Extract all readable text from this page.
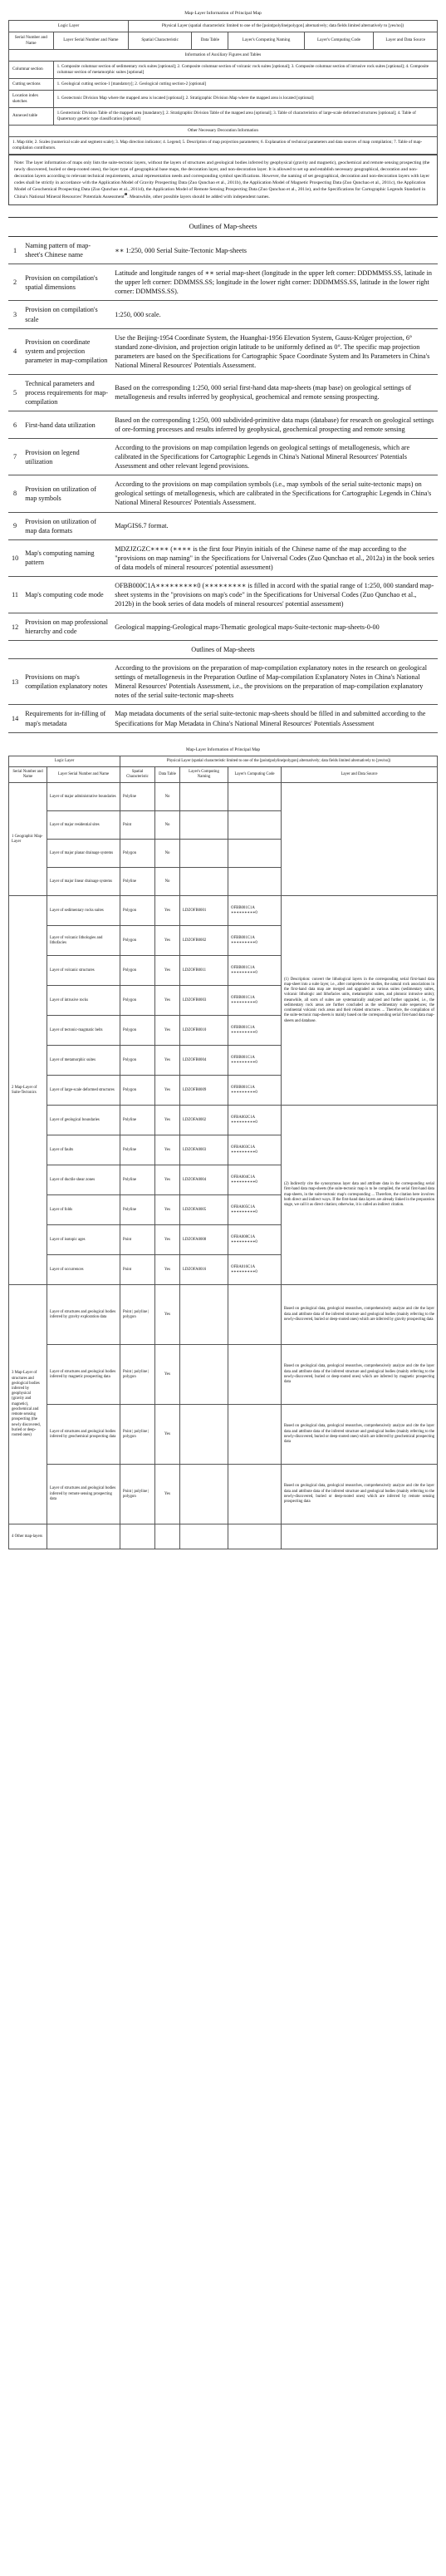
Map-Layer Information of Principal Map						
Logic Layer		Physical Layer (spatial characteristic limited to one of the [point|polyline|polygon] alternatively; data fields limited alternatively to [yes/no])				
Serial Number and Name	Layer Serial Number and Name	Spatial Characteristic	Data Table	Layer's Computing Naming	Layer's Computing Code	Layer and Data Source
Information of Auxiliary Figures and Tables						
Columnar section	1. Composite columnar section of sedimentary rock suites [optional]; 2. Composite columnar section of volcanic rock suites [optional]; 3. Composite columnar section of intrusive rock suites [optional]; 4. Composite columnar section of metamorphic suites [optional]					
Cutting sections	1. Geological cutting section-1 [mandatory]; 2. Geological cutting section-2 [optional]					
Location index sketches	1. Geotectonic Division Map where the mapped area is located [optional]; 2. Stratigraphic Division Map where the mapped area is located [optional]					
Annexed table	1.Geotectonic Division Table of the mapped area [mandatory]; 2. Stratigraphic Division Table of the mapped area [optional]; 3. Table of characteristics of large-scale deformed structures [optional]; 4. Table of Quaternary genetic type classification [optional]					
Other Necessary Decoration Information						
1. Map title; 2. Scales (numerical scale and segment scale); 3. Map direction indicator; 4. Legend; 5. Description of map projection parameters; 6. Explanation of technical parameters and data sources of map compilation; 7. Table of map-compilation contributors.						

Note: The layer information of maps only lists the suite-tectonic layers, without the layers of structures and geological bodies inferred by geophysical (gravity and magnetic), geochemical and remote sensing prospecting (the newly discovered, buried or deep-rooted ones), the layer type of geographical base maps, the decoration layer, and non-decoration layer. It is allowed to set up and establish necessary geographical, decoration and non-decoration layers according to relevant technical requirements, actual representation needs and corresponding symbol specifications. However, the naming of set geographical, decoration and non-decoration layers with layer codes shall be strictly in accordance with the Application Model of Gravity Prospecting Data (Zuo Qunchao et al., 2011b), the Application Model of Magnetic Prospecting Data (Zuo Qunchao et al., 2011c), the Application Model of Geochemical Prospecting Data (Zuo Qunchao et al., 2011d), the Application Model of Remote Sensing Prospecting Data (Zuo Qunchao et al., 2011e), and the Specifications for Cartographic Legends Standard in China's National Mineral Resources' Potentials Assessment$^❶$. Meanwhile, other possible layers should be added with independent names.

Outlines of Map-sheets		
1	Naming pattern of map-sheet's Chinese name	∗∗ 1:250, 000 Serial Suite-Tectonic Map-sheets
2	Provision on compilation's spatial dimensions	Latitude and longitude ranges of ∗∗ serial map-sheet (longitude in the upper left corner: DDDMMSS.SS, latitude in the upper left corner: DDMMSS.SS; longitude in the lower right corner: DDDMMSS.SS, latitude in the lower right corner: DDMMSS.SS).
3	Provision on compilation's scale	1:250, 000 scale.
4	Provision on coordinate system and projection parameter in map-compilation	Use the Beijing-1954 Coordinate System, the Huanghai-1956 Elevation System, Gauss-Krüger projection, 6° standard zone-division, and projection origin latitude to be uniformly defined as 0°. The specific map projection parameters are based on the Specifications for Cartographic Space Coordinate System and Its Parameters in China's National Mineral Resources' Potentials Assessment.
5	Technical parameters and process requirements for map-compilation	Based on the corresponding 1:250, 000 serial first-hand data map-sheets (map base) on geological settings of metallogenesis and results inferred by geophysical, geochemical and remote sensing prospecting.
6	First-hand data utilization	Based on the corresponding 1:250, 000 subdivided-primitive data maps (database) for research on geological settings of ore-forming processes and results inferred by geophysical, geochemical prospecting and remote sensing
7	Provision on legend utilization	According to the provisions on map compilation legends on geological settings of metallogenesis, which are calibrated in the Specifications for Cartographic Legends in China's National Mineral Resources' Potentials Assessment and other relevant legend provisions.
8	Provision on utilization of map symbols	According to the provisions on map compilation symbols (i.e., map symbols of the serial suite-tectonic maps) on geological settings of metallogenesis, which are calibrated in the Specifications for Cartographic Legends in China's National Mineral Resources' Potentials Assessment.
9	Provision on utilization of map data formats	MapGIS6.7 format.
10	Map's computing naming pattern	MDZJZGZC∗∗∗∗ (∗∗∗∗ is the first four Pinyin initials of the Chinese name of the map according to the "provisions on map naming" in the Specifications for Universal Codes (Zuo Qunchao et al., 2012a) in the book series of data models of mineral resources' potential assessment)
11	Map's computing code mode	OFBB000C1A∗∗∗∗∗∗∗∗∗0 (∗∗∗∗∗∗∗∗∗ is filled in accord with the spatial range of 1:250, 000 standard map-sheet systems in the "provisions on map's code" in the Specifications for Universal Codes (Zuo Qunchao et al., 2012b) in the book series of data models of mineral resources' potential assessment)
12	Provision on map professional hierarchy and code	Geological mapping-Geological maps-Thematic geological maps-Suite-tectonic map-sheets-0-00
Outlines of Map-sheets		
13	Provisions on map's compilation explanatory notes	According to the provisions on the preparation of map-compilation explanatory notes in the research on geological settings of metallogenesis in the Preparation Outline of Map-compilation Explanatory Notes in China's National Mineral Resources' Potentials Assessment, i.e., the provisions on the preparation of map-compilation explanatory notes of the serial suite-tectonic map-sheets
14	Requirements for in-filling of map's metadata	Map metadata documents of the serial suite-tectonic map-sheets should be filled in and submitted according to the Specifications for Map Metadata in China's National Mineral Resources' Potentials Assessment
Map-Layer Information of Principal Map						
Logic Layer		Physical Layer (spatial characteristic limited to one of the [point|polyline|polygon] alternatively; data fields limited alternatively to [yes/no])				
Serial Number and Name	Layer Serial Number and Name	Spatial Characteristic	Data Table	Layer's Computing Naming	Layer's Computing Code	Layer and Data Source
1 Geographic Map-Layer	Layer of major administrative boundaries	Polyline	No			
	Layer of major residential sites	Point	No			
	Layer of major planar drainage systems	Polygon	No			
	Layer of major linear drainage systems	Polyline	No			
2 Map-Layer of Suite-Tectonics	Layer of sedimentary rocks suites	Polygon	Yes	LDZOFB0001	OFBB001C1A ∗∗∗∗∗∗∗∗∗0	(1) Description: convert the lithological layers in the corresponding serial first-hand data map-sheet into a suite layer, i.e., after comprehensive studies, the natural rock associations in the first-hand data map are merged and upgraded as various suites (sedimentary suites, volcanic lithologic and lithofacies units, metamorphic suites, and plutonic intrusive units); meanwhile, all sorts of suites are systematically analyzed and further upgraded, i.e., the sedimentary rock areas are further concluded as the sedimentary suite sequences; the continental volcanic rock areas and their related structures ... Therefore, the compilation of the suite-tectonic map-sheets is mainly based on the corresponding serial first-hand data map-sheets and database.
	Layer of volcanic lithologies and lithofacies	Polygon	Yes	LDZOFB0002	OFBB001C1A ∗∗∗∗∗∗∗∗∗0	
	Layer of volcanic structures	Polygon	Yes	LDZOFB0011	OFBB001C1A ∗∗∗∗∗∗∗∗∗0	
	Layer of intrusive rocks	Polygon	Yes	LDZOFB0003	OFBB001C1A ∗∗∗∗∗∗∗∗∗0	
	Layer of tectonic-magmatic belts	Polygon	Yes	LDZOFB0010	OFBB001C1A ∗∗∗∗∗∗∗∗∗0	
	Layer of metamorphic suites	Polygon	Yes	LDZOFB0004	OFBB001C1A ∗∗∗∗∗∗∗∗∗0	
	Layer of large-scale deformed structures	Polygon	Yes	LDZOFB0009	OFBB001C1A ∗∗∗∗∗∗∗∗∗0	
	Layer of geological boundaries	Polyline	Yes	LDZOFA0002	OFBA002C1A ∗∗∗∗∗∗∗∗∗0	(2) Indirectly cite the synonymous layer data and attribute data in the corresponding serial first-hand data map-sheets (the suite-tectonic map is to be compiled, the serial first-hand data map-sheets, in the suite-tectonic map's corresponding ... Therefore, the citation here involves both direct and indirect ways. If the first-hand data layers are already linked in the preparation stage, we call it as direct citation; otherwise, it is called an indirect citation.
	Layer of faults	Polyline	Yes	LDZOFA0003	OFBA003C1A ∗∗∗∗∗∗∗∗∗0	
	Layer of ductile shear zones	Polyline	Yes	LDZOFA0004	OFBA004C1A ∗∗∗∗∗∗∗∗∗0	
	Layer of folds	Polyline	Yes	LDZOFA0005	OFBA005C1A ∗∗∗∗∗∗∗∗∗0	
	Layer of isotopic ages	Point	Yes	LDZOFA0008	OFBA008C1A ∗∗∗∗∗∗∗∗∗0	
	Layer of occurrences	Point	Yes	LDZOFA0016	OFBA016C1A ∗∗∗∗∗∗∗∗∗0	
3 Map-Layer of structures and geological bodies inferred by geophysical (gravity and magnetic), geochemical and remote sensing prospecting (the newly discovered, buried or deep-rooted ones)	Layer of structures and geological bodies inferred by gravity exploration data	Point | polyline | polygon	Yes			Based on geological data, geological researches, comprehensively analyze and cite the layer data and attribute data of the inferred structure and geological bodies (mainly referring to the newly-discovered, buried or deep-rooted ones) which are inferred by gravity prospecting data
	Layer of structures and geological bodies inferred by magnetic prospecting data	Point | polyline | polygon	Yes			Based on geological data, geological researches, comprehensively analyze and cite the layer data and attribute data of the inferred structure and geological bodies (mainly referring to the newly-discovered, buried or deep-rooted ones) which are inferred by magnetic prospecting data
	Layer of structures and geological bodies inferred by geochemical prospecting data	Point | polyline | polygon	Yes			Based on geological data, geological researches, comprehensively analyze and cite the layer data and attribute data of the inferred structure and geological bodies (mainly referring to the newly-discovered, buried or deep-rooted ones) which are inferred by geochemical prospecting data
	Layer of structures and geological bodies inferred by remote sensing prospecting data	Point | polyline | polygon	Yes			Based on geological data, geological researches, comprehensively analyze and cite the layer data and attribute data of the inferred structure and geological bodies (mainly referring to the newly-discovered, buried or deep-rooted ones) which are inferred by remote sensing prospecting data
4 Other map-layers						
